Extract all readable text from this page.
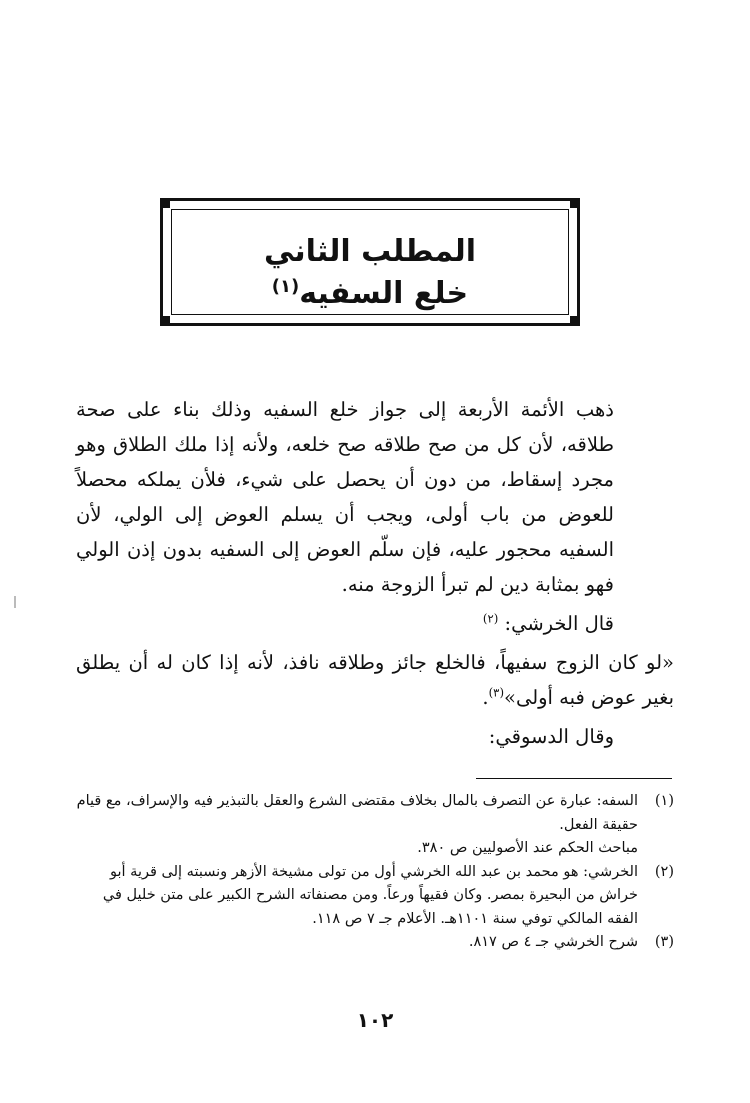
المطلب الثاني
خلع السفيه$^{(١)}$

ذهب الأئمة الأربعة إلى جواز خلع السفيه وذلك بناء على صحة طلاقه، لأن كل من صح طلاقه صح خلعه، ولأنه إذا ملك الطلاق وهو مجرد إسقاط، من دون أن يحصل على شيء، فلأن يملكه محصلاً للعوض من باب أولى، ويجب أن يسلم العوض إلى الولي، لأن السفيه محجور عليه، فإن سلّم العوض إلى السفيه بدون إذن الولي فهو بمثابة دين لم تبرأ الزوجة منه.

قال الخرشي: $^{(٢)}$

«لو كان الزوج سفيهاً، فالخلع جائز وطلاقه نافذ، لأنه إذا كان له أن يطلق بغير عوض فبه أولى»$^{(٣)}$.

وقال الدسوقي:

(١)

السفه: عبارة عن التصرف بالمال بخلاف مقتضى الشرع والعقل بالتبذير فيه والإسراف، مع قيام حقيقة الفعل.

مباحث الحكم عند الأصوليين ص ٣٨٠.

(٢)

الخرشي: هو محمد بن عبد الله الخرشي أول من تولى مشيخة الأزهر ونسبته إلى قرية أبو خراش من البحيرة بمصر. وكان فقيهاً ورعاً. ومن مصنفاته الشرح الكبير على متن خليل في الفقه المالكي توفي سنة ١١٠١هـ. الأعلام جـ ٧ ص ١١٨.

(٣)

شرح الخرشي جـ ٤ ص ٨١٧.

١٠٢
